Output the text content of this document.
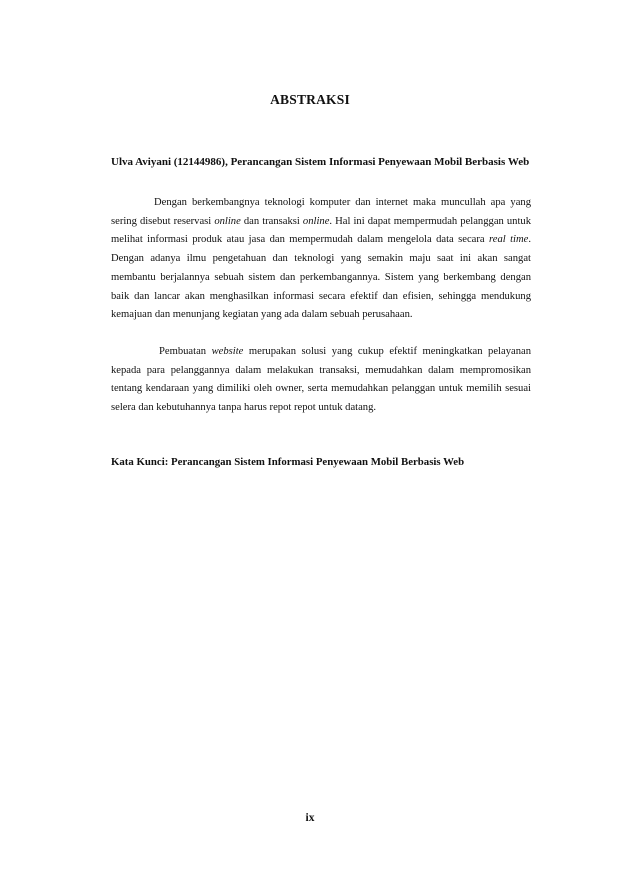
ABSTRAKSI
Ulva Aviyani (12144986), Perancangan Sistem Informasi Penyewaan Mobil Berbasis Web
Dengan berkembangnya teknologi komputer dan internet maka muncullah apa yang sering disebut reservasi online dan transaksi online. Hal ini dapat mempermudah pelanggan untuk melihat informasi produk atau jasa dan mempermudah dalam mengelola data secara real time. Dengan adanya ilmu pengetahuan dan teknologi yang semakin maju saat ini akan sangat membantu berjalannya sebuah sistem dan perkembangannya. Sistem yang berkembang dengan baik dan lancar akan menghasilkan informasi secara efektif dan efisien, sehingga mendukung kemajuan dan menunjang kegiatan yang ada dalam sebuah perusahaan.
Pembuatan website merupakan solusi yang cukup efektif meningkatkan pelayanan kepada para pelanggannya dalam melakukan transaksi, memudahkan dalam mempromosikan tentang kendaraan yang dimiliki oleh owner, serta memudahkan pelanggan untuk memilih sesuai selera dan kebutuhannya tanpa harus repot repot untuk datang.
Kata Kunci: Perancangan Sistem Informasi Penyewaan Mobil Berbasis Web
ix
